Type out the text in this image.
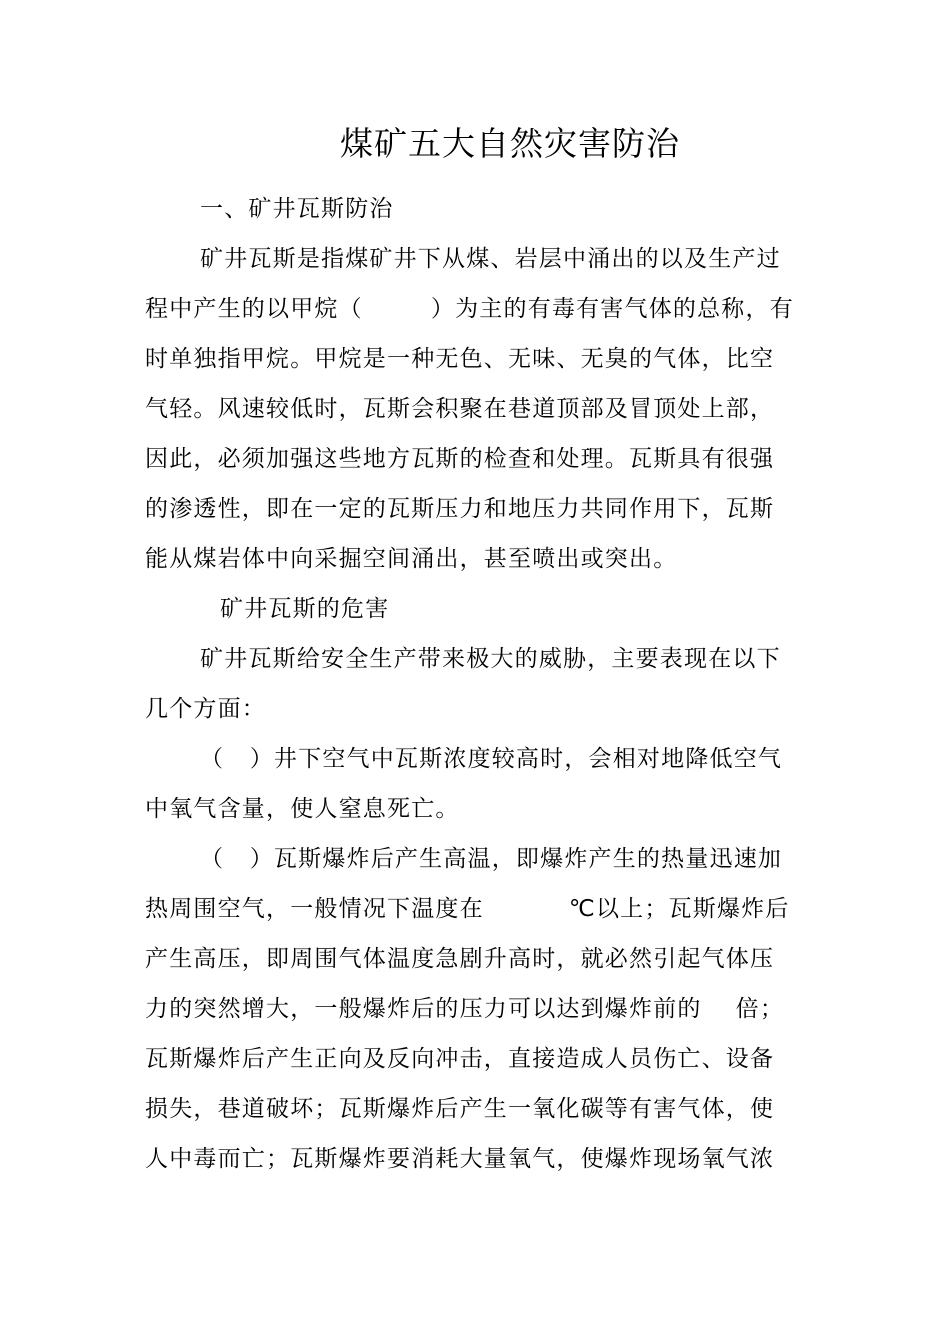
煤矿五大自然灾害防治
一、矿井瓦斯防治
矿井瓦斯是指煤矿井下从煤、岩层中涌出的以及生产过
程中产生的以甲烷（        ）为主的有毒有害气体的总称，有
时单独指甲烷。甲烷是一种无色、无味、无臭的气体，比空
气轻。风速较低时，瓦斯会积聚在巷道顶部及冒顶处上部，
因此，必须加强这些地方瓦斯的检查和处理。瓦斯具有很强
的渗透性，即在一定的瓦斯压力和地压力共同作用下，瓦斯
能从煤岩体中向采掘空间涌出，甚至喷出或突出。
矿井瓦斯的危害
矿井瓦斯给安全生产带来极大的威胁，主要表现在以下
几个方面：
（   ）井下空气中瓦斯浓度较高时，会相对地降低空气
中氧气含量，使人窒息死亡。
（   ）瓦斯爆炸后产生高温，即爆炸产生的热量迅速加
热周围空气，一般情况下温度在          ℃以上；瓦斯爆炸后
产生高压，即周围气体温度急剧升高时，就必然引起气体压
力的突然增大，一般爆炸后的压力可以达到爆炸前的    倍；
瓦斯爆炸后产生正向及反向冲击，直接造成人员伤亡、设备
损失，巷道破坏；瓦斯爆炸后产生一氧化碳等有害气体，使
人中毒而亡；瓦斯爆炸要消耗大量氧气，使爆炸现场氧气浓
